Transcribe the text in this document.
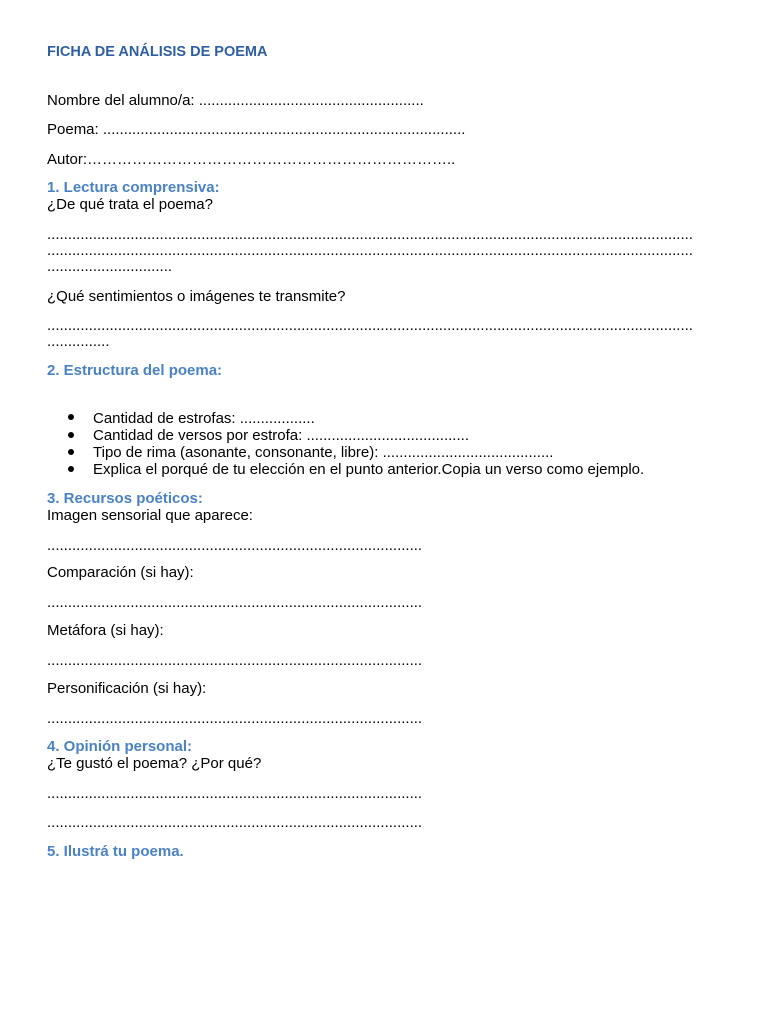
FICHA DE ANÁLISIS DE POEMA
Nombre del alumno/a: ......................................................
Poema: .......................................................................................
Autor:………………………………………………………………..
1. Lectura comprensiva:
¿De qué trata el poema?
...........................................................................................................................................................
...........................................................................................................................................................
..............................
¿Qué sentimientos o imágenes te transmite?
...........................................................................................................................................................
...............
2. Estructura del poema:
Cantidad de estrofas: ..................
Cantidad de versos por estrofa: .......................................
Tipo de rima (asonante, consonante, libre): .........................................
Explica el porqué de tu elección en el punto anterior.Copia un verso como ejemplo.
3. Recursos poéticos:
Imagen sensorial que aparece:
..........................................................................................
Comparación (si hay):
..........................................................................................
Metáfora (si hay):
..........................................................................................
Personificación (si hay):
..........................................................................................
4. Opinión personal:
¿Te gustó el poema? ¿Por qué?
..........................................................................................
..........................................................................................
5. Ilustrá tu poema.
